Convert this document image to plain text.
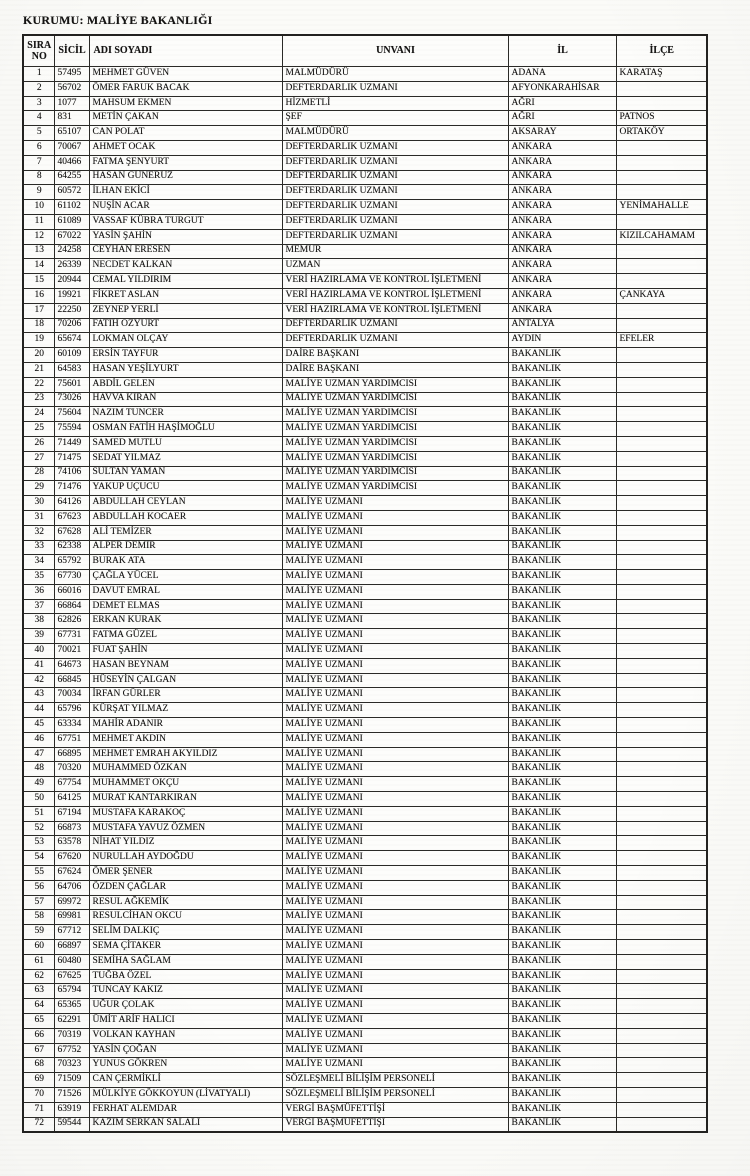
KURUMU: MALİYE BAKANLIĞI
SIRA NO	SİCİL	ADI SOYADI	UNVANI	İL	İLÇE
1	57495	MEHMET GÜVEN	MALMÜDÜRÜ	ADANA	KARATAŞ
2	56702	ÖMER FARUK BACAK	DEFTERDARLIK UZMANI	AFYONKARAHİSAR	
3	1077	MAHSUM EKMEN	HİZMETLİ	AĞRI	
4	831	METİN ÇAKAN	ŞEF	AĞRI	PATNOS
5	65107	CAN POLAT	MALMÜDÜRÜ	AKSARAY	ORTAKÖY
6	70067	AHMET OCAK	DEFTERDARLIK UZMANI	ANKARA	
7	40466	FATMA ŞENYURT	DEFTERDARLIK UZMANI	ANKARA	
8	64255	HASAN GÜNERUZ	DEFTERDARLIK UZMANI	ANKARA	
9	60572	İLHAN EKİCİ	DEFTERDARLIK UZMANI	ANKARA	
10	61102	NUŞİN ACAR	DEFTERDARLIK UZMANI	ANKARA	YENİMAHALLE
11	61089	VASSAF KÜBRA TURGUT	DEFTERDARLIK UZMANI	ANKARA	
12	67022	YASİN ŞAHİN	DEFTERDARLIK UZMANI	ANKARA	KIZILCAHAMAM
13	24258	CEYHAN ERESEN	MEMUR	ANKARA	
14	26339	NECDET KALKAN	UZMAN	ANKARA	
15	20944	CEMAL YILDIRIM	VERİ HAZIRLAMA VE KONTROL İŞLETMENİ	ANKARA	
16	19921	FİKRET ASLAN	VERİ HAZIRLAMA VE KONTROL İŞLETMENİ	ANKARA	ÇANKAYA
17	22250	ZEYNEP YERLİ	VERİ HAZIRLAMA VE KONTROL İŞLETMENİ	ANKARA	
18	70206	FATİH ÖZYURT	DEFTERDARLIK UZMANI	ANTALYA	
19	65674	LOKMAN OLÇAY	DEFTERDARLIK UZMANI	AYDIN	EFELER
20	60109	ERSİN TAYFUR	DAİRE BAŞKANI	BAKANLIK	
21	64583	HASAN YEŞİLYURT	DAİRE BAŞKANI	BAKANLIK	
22	75601	ABDİL GELEN	MALİYE UZMAN YARDIMCISI	BAKANLIK	
23	73026	HAVVA KIRAN	MALİYE UZMAN YARDIMCISI	BAKANLIK	
24	75604	NAZIM TUNCER	MALİYE UZMAN YARDIMCISI	BAKANLIK	
25	75594	OSMAN FATİH HAŞİMOĞLU	MALİYE UZMAN YARDIMCISI	BAKANLIK	
26	71449	SAMED MUTLU	MALİYE UZMAN YARDIMCISI	BAKANLIK	
27	71475	SEDAT YILMAZ	MALİYE UZMAN YARDIMCISI	BAKANLIK	
28	74106	SULTAN YAMAN	MALİYE UZMAN YARDIMCISI	BAKANLIK	
29	71476	YAKUP UÇUCU	MALİYE UZMAN YARDIMCISI	BAKANLIK	
30	64126	ABDULLAH CEYLAN	MALİYE UZMANI	BAKANLIK	
31	67623	ABDULLAH KOCAER	MALİYE UZMANI	BAKANLIK	
32	67628	ALİ TEMİZER	MALİYE UZMANI	BAKANLIK	
33	62338	ALPER DEMİR	MALİYE UZMANI	BAKANLIK	
34	65792	BURAK ATA	MALİYE UZMANI	BAKANLIK	
35	67730	ÇAĞLA YÜCEL	MALİYE UZMANI	BAKANLIK	
36	66016	DAVUT EMRAL	MALİYE UZMANI	BAKANLIK	
37	66864	DEMET ELMAS	MALİYE UZMANI	BAKANLIK	
38	62826	ERKAN KURAK	MALİYE UZMANI	BAKANLIK	
39	67731	FATMA GÜZEL	MALİYE UZMANI	BAKANLIK	
40	70021	FUAT ŞAHİN	MALİYE UZMANI	BAKANLIK	
41	64673	HASAN BEYNAM	MALİYE UZMANI	BAKANLIK	
42	66845	HÜSEYİN ÇALGAN	MALİYE UZMANI	BAKANLIK	
43	70034	İRFAN GÜRLER	MALİYE UZMANI	BAKANLIK	
44	65796	KÜRŞAT YILMAZ	MALİYE UZMANI	BAKANLIK	
45	63334	MAHİR ADANIR	MALİYE UZMANI	BAKANLIK	
46	67751	MEHMET AKDIN	MALİYE UZMANI	BAKANLIK	
47	66895	MEHMET EMRAH AKYILDIZ	MALİYE UZMANI	BAKANLIK	
48	70320	MUHAMMED ÖZKAN	MALİYE UZMANI	BAKANLIK	
49	67754	MUHAMMET OKÇU	MALİYE UZMANI	BAKANLIK	
50	64125	MURAT KANTARKIRAN	MALİYE UZMANI	BAKANLIK	
51	67194	MUSTAFA KARAKOÇ	MALİYE UZMANI	BAKANLIK	
52	66873	MUSTAFA YAVUZ ÖZMEN	MALİYE UZMANI	BAKANLIK	
53	63578	NİHAT YILDIZ	MALİYE UZMANI	BAKANLIK	
54	67620	NURULLAH AYDOĞDU	MALİYE UZMANI	BAKANLIK	
55	67624	ÖMER ŞENER	MALİYE UZMANI	BAKANLIK	
56	64706	ÖZDEN ÇAĞLAR	MALİYE UZMANI	BAKANLIK	
57	69972	RESUL AĞKEMİK	MALİYE UZMANI	BAKANLIK	
58	69981	RESULCİHAN OKCU	MALİYE UZMANI	BAKANLIK	
59	67712	SELİM DALKIÇ	MALİYE UZMANI	BAKANLIK	
60	66897	SEMA ÇİTAKER	MALİYE UZMANI	BAKANLIK	
61	60480	SEMİHA SAĞLAM	MALİYE UZMANI	BAKANLIK	
62	67625	TUĞBA ÖZEL	MALİYE UZMANI	BAKANLIK	
63	65794	TUNCAY KAKIZ	MALİYE UZMANI	BAKANLIK	
64	65365	UĞUR ÇOLAK	MALİYE UZMANI	BAKANLIK	
65	62291	ÜMİT ARİF HALICI	MALİYE UZMANI	BAKANLIK	
66	70319	VOLKAN KAYHAN	MALİYE UZMANI	BAKANLIK	
67	67752	YASİN ÇOĞAN	MALİYE UZMANI	BAKANLIK	
68	70323	YUNUS GÖKREN	MALİYE UZMANI	BAKANLIK	
69	71509	CAN ÇERMİKLİ	SÖZLEŞMELİ BİLİŞİM PERSONELİ	BAKANLIK	
70	71526	MÜLKİYE GÖKKOYUN (LİVATYALI)	SÖZLEŞMELİ BİLİŞİM PERSONELİ	BAKANLIK	
71	63919	FERHAT ALEMDAR	VERGİ BAŞMÜFETTİŞİ	BAKANLIK	
72	59544	KAZIM SERKAN SALALI	VERGİ BAŞMÜFETTİŞİ	BAKANLIK	
